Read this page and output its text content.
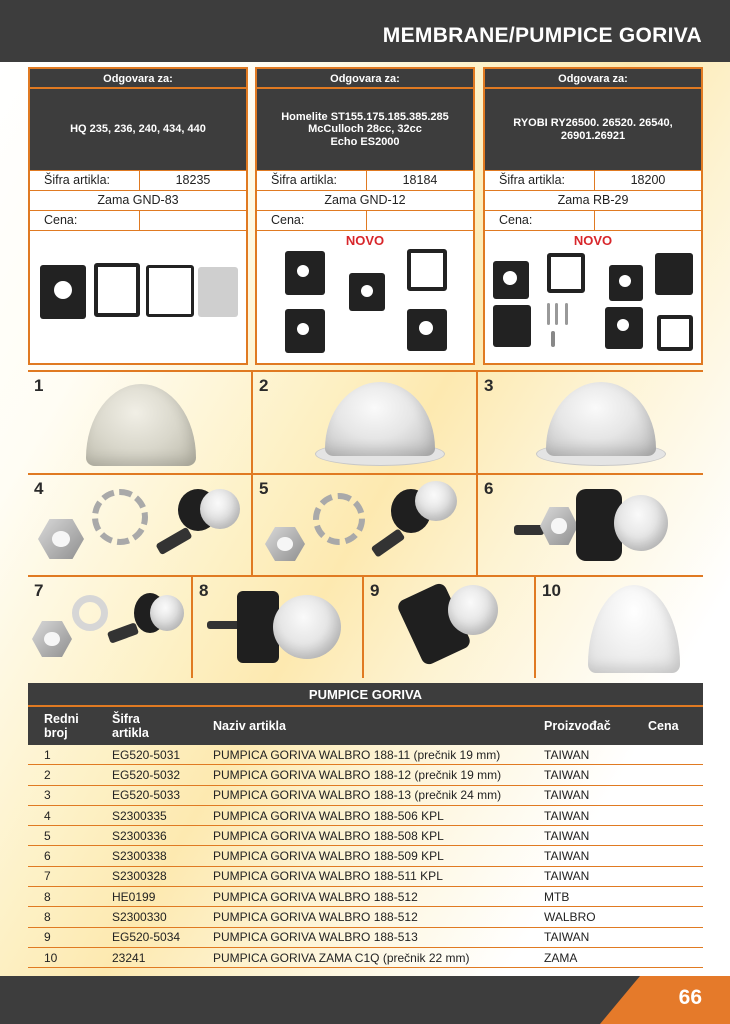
MEMBRANE/PUMPICE GORIVA
Odgovara za:
HQ 235, 236, 240, 434, 440
Šifra artikla:	18235
Zama GND-83
Cena:
Odgovara za:
Homelite ST155.175.185.385.285
McCulloch 28cc, 32cc
Echo ES2000
Šifra artikla:	18184
Zama GND-12
Cena:
NOVO
Odgovara za:
RYOBI RY26500. 26520. 26540,
26901.26921
Šifra artikla:	18200
Zama RB-29
Cena:
NOVO
1	2	3
4	5	6
7	8	9	10
PUMPICE GORIVA
Redni
broj
Šifra
artikla	Naziv artikla	Proizvođač	Cena
1	EG520-5031	PUMPICA GORIVA WALBRO 188-11 (prečnik 19 mm)	TAIWAN
2	EG520-5032	PUMPICA GORIVA WALBRO 188-12 (prečnik 19 mm)	TAIWAN
3	EG520-5033	PUMPICA GORIVA WALBRO 188-13 (prečnik 24 mm)	TAIWAN
4	S2300335	PUMPICA GORIVA WALBRO 188-506 KPL	TAIWAN
5	S2300336	PUMPICA GORIVA WALBRO 188-508 KPL	TAIWAN
6	S2300338	PUMPICA GORIVA WALBRO 188-509 KPL	TAIWAN
7	S2300328	PUMPICA GORIVA WALBRO 188-511 KPL	TAIWAN
8	HE0199	PUMPICA GORIVA WALBRO 188-512	MTB
8	S2300330	PUMPICA GORIVA WALBRO 188-512	WALBRO
9	EG520-5034	PUMPICA GORIVA WALBRO 188-513	TAIWAN
10	23241	PUMPICA GORIVA ZAMA C1Q (prečnik 22 mm)	ZAMA
66
